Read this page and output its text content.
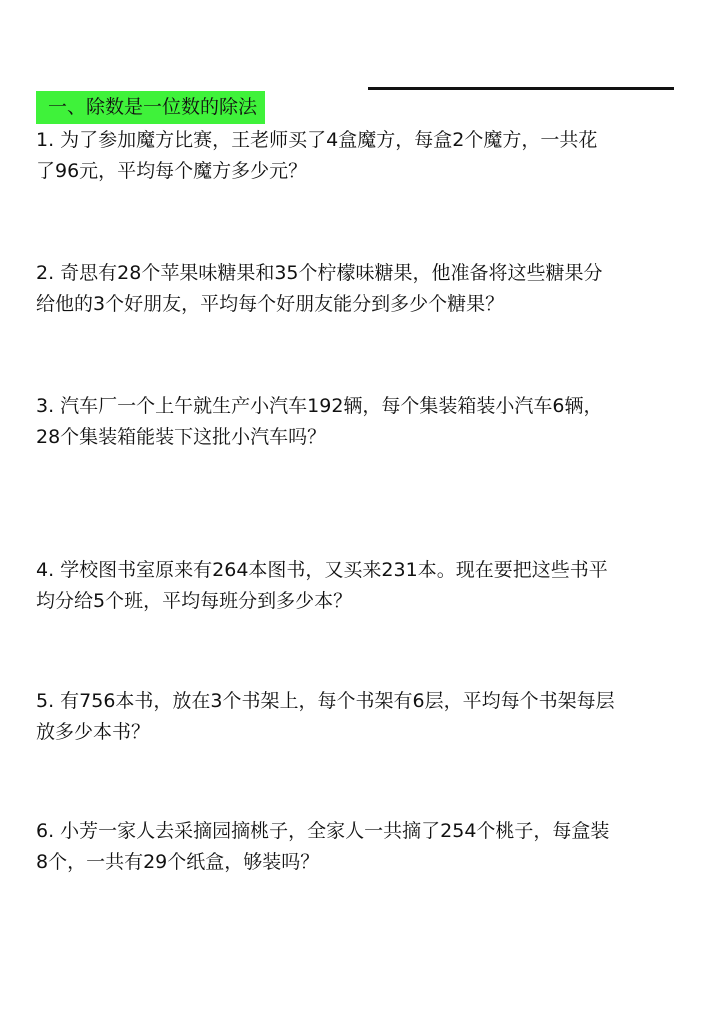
一、除数是一位数的除法

1. 为了参加魔方比赛，王老师买了4盒魔方，每盒2个魔方，一共花
了96元，平均每个魔方多少元？

2. 奇思有28个苹果味糖果和35个柠檬味糖果，他准备将这些糖果分
给他的3个好朋友，平均每个好朋友能分到多少个糖果？

3. 汽车厂一个上午就生产小汽车192辆，每个集装箱装小汽车6辆，
28个集装箱能装下这批小汽车吗？

4. 学校图书室原来有264本图书，又买来231本。现在要把这些书平
均分给5个班，平均每班分到多少本？

5. 有756本书，放在3个书架上，每个书架有6层，平均每个书架每层
放多少本书？

6. 小芳一家人去采摘园摘桃子，全家人一共摘了254个桃子，每盒装
8个，一共有29个纸盒，够装吗？
